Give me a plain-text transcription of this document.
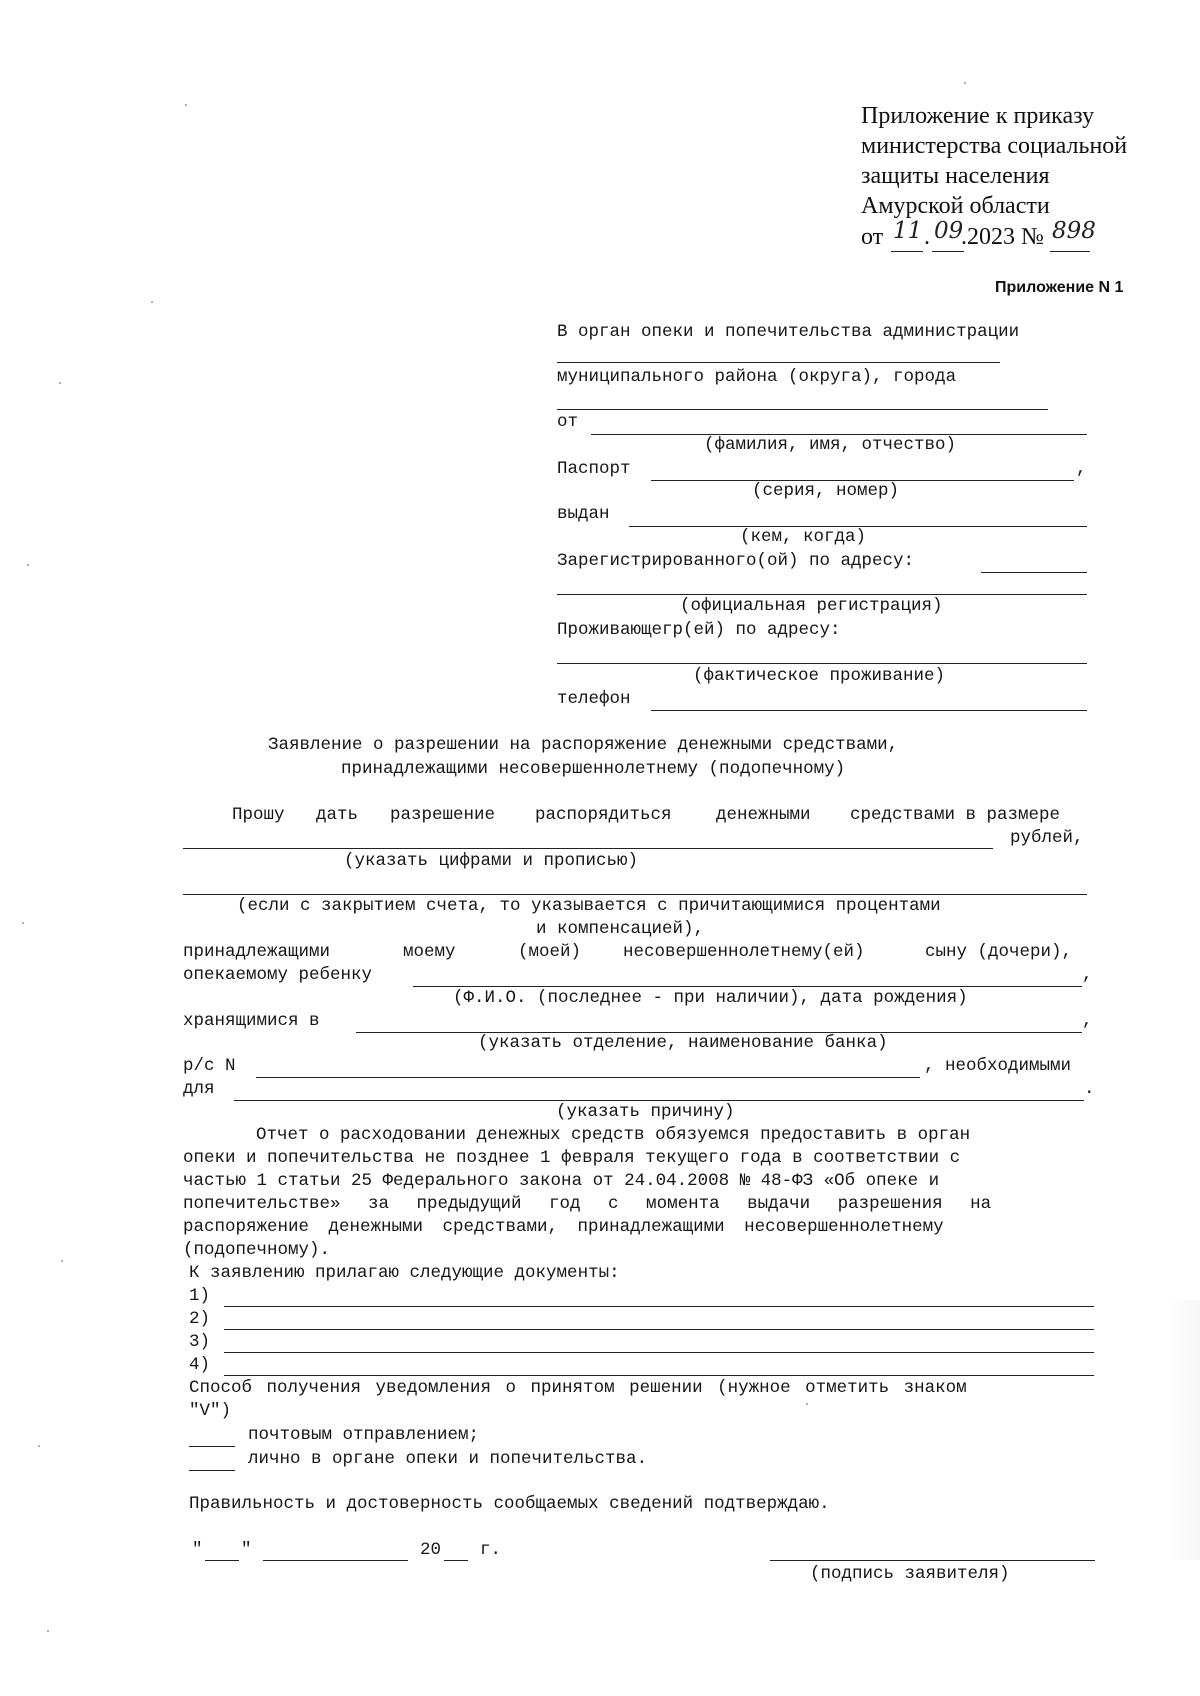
Приложение к приказу
министерства социальной
защиты населения
Амурской области
от 11 . 09
.2023 № 898
Приложение N 1
В орган опеки и попечительства администрации
муниципального района (округа), города
от
(фамилия, имя, отчество)
Паспорт	,
(серия, номер)
выдан
(кем, когда)
Зарегистрированного(ой) по адресу:
(официальная регистрация)
Проживающегр(ей) по адресу:
(фактическое проживание)
телефон
Заявление о разрешении на распоряжение денежными средствами,
принадлежащими несовершеннолетнему (подопечному)
Прошу дать разрешение распорядиться	денежными средствами в размере
рублей,
(указать цифрами и прописью)
(если с закрытием счета, то указывается с причитающимися процентами
и компенсацией),
принадлежащими	моему	(моей) несовершеннолетнему(ей)	сыну (дочери),
опекаемому ребенку	,
(Ф.И.О. (последнее - при наличии), дата рождения)
хранящимися в	,
(указать отделение, наименование банка)
р/с N	, необходимыми
для	.
(указать причину)
Отчет о расходовании денежных средств обязуемся предоставить в орган
опеки и попечительства не позднее 1 февраля текущего года в соответствии с
частью 1 статьи 25 Федерального закона от 24.04.2008 № 48-ФЗ «Об опеке и
попечительстве» за предыдущий год с момента выдачи разрешения на
распоряжение денежными средствами, принадлежащими несовершеннолетнему
(подопечному).
К заявлению прилагаю следующие документы:
1)
2)
3)
4)
Способ получения уведомления о принятом решении (нужное отметить знаком
"V")
почтовым отправлением;
лично в органе опеки и попечительства.
Правильность и достоверность сообщаемых сведений подтверждаю.
" "	20 г.
(подпись заявителя)
